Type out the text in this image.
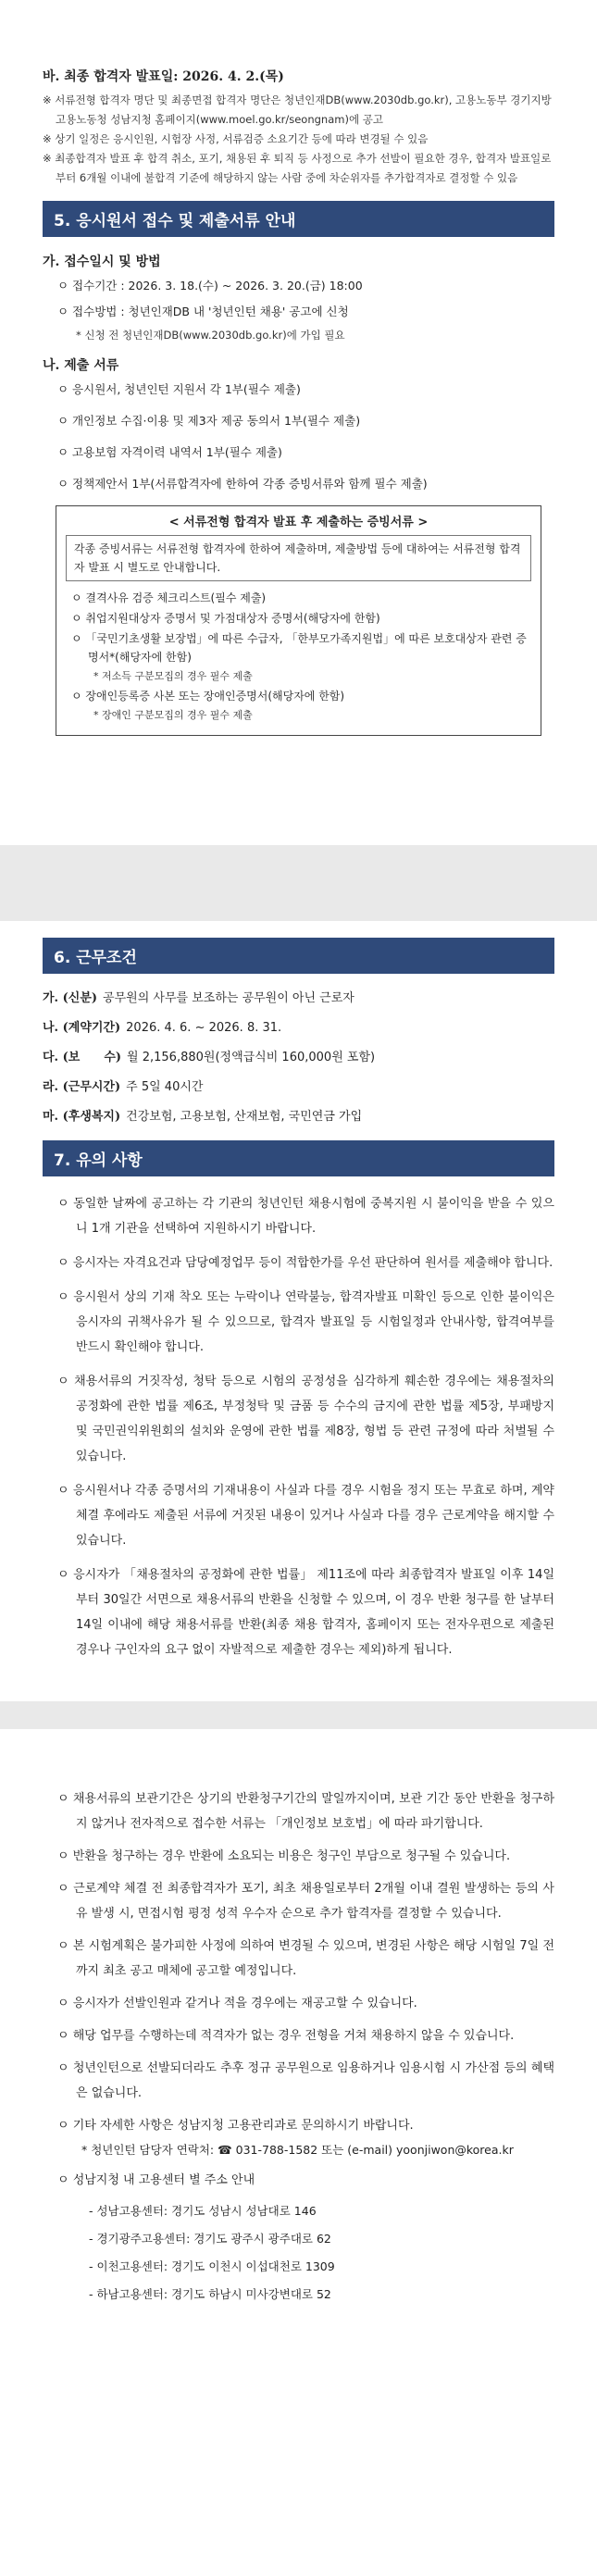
바. 최종 합격자 발표일: 2026. 4. 2.(목)
※ 서류전형 합격자 명단 및 최종면접 합격자 명단은 청년인재DB(www.2030db.go.kr), 고용노동부 경기지방고용노동청 성남지청 홈페이지(www.moel.go.kr/seongnam)에 공고
※ 상기 일정은 응시인원, 시험장 사정, 서류검증 소요기간 등에 따라 변경될 수 있음
※ 최종합격자 발표 후 합격 취소, 포기, 채용된 후 퇴직 등 사정으로 추가 선발이 필요한 경우, 합격자 발표일로부터 6개월 이내에 불합격 기준에 해당하지 않는 사람 중에 차순위자를 추가합격자로 결정할 수 있음
5. 응시원서 접수 및 제출서류 안내
가. 접수일시 및 방법
ㅇ 접수기간 : 2026. 3. 18.(수) ~ 2026. 3. 20.(금) 18:00
ㅇ 접수방법 : 청년인재DB 내 '청년인턴 채용' 공고에 신청
* 신청 전 청년인재DB(www.2030db.go.kr)에 가입 필요
나. 제출 서류
ㅇ 응시원서, 청년인턴 지원서 각 1부(필수 제출)
ㅇ 개인정보 수집·이용 및 제3자 제공 동의서 1부(필수 제출)
ㅇ 고용보험 자격이력 내역서 1부(필수 제출)
ㅇ 정책제안서 1부(서류합격자에 한하여 각종 증빙서류와 함께 필수 제출)
< 서류전형 합격자 발표 후 제출하는 증빙서류 >
각종 증빙서류는 서류전형 합격자에 한하여 제출하며, 제출방법 등에 대하여는 서류전형 합격자 발표 시 별도로 안내합니다.
ㅇ 결격사유 검증 체크리스트(필수 제출)
ㅇ 취업지원대상자 증명서 및 가점대상자 증명서(해당자에 한함)
ㅇ 「국민기초생활 보장법」에 따른 수급자, 「한부모가족지원법」에 따른 보호대상자 관련 증명서*(해당자에 한함)
* 저소득 구분모집의 경우 필수 제출
ㅇ 장애인등록증 사본 또는 장애인증명서(해당자에 한함)
* 장애인 구분모집의 경우 필수 제출
6. 근무조건
가. (신분) 공무원의 사무를 보조하는 공무원이 아닌 근로자
나. (계약기간) 2026. 4. 6. ~ 2026. 8. 31.
다. (보　　수) 월 2,156,880원(정액급식비 160,000원 포함)
라. (근무시간) 주 5일 40시간
마. (후생복지) 건강보험, 고용보험, 산재보험, 국민연금 가입
7. 유의 사항
ㅇ 동일한 날짜에 공고하는 각 기관의 청년인턴 채용시험에 중복지원 시 불이익을 받을 수 있으니 1개 기관을 선택하여 지원하시기 바랍니다.
ㅇ 응시자는 자격요건과 담당예정업무 등이 적합한가를 우선 판단하여 원서를 제출해야 합니다.
ㅇ 응시원서 상의 기재 착오 또는 누락이나 연락불능, 합격자발표 미확인 등으로 인한 불이익은 응시자의 귀책사유가 될 수 있으므로, 합격자 발표일 등 시험일정과 안내사항, 합격여부를 반드시 확인해야 합니다.
ㅇ 채용서류의 거짓작성, 청탁 등으로 시험의 공정성을 심각하게 훼손한 경우에는 채용절차의 공정화에 관한 법률 제6조, 부정청탁 및 금품 등 수수의 금지에 관한 법률 제5장, 부패방지 및 국민권익위원회의 설치와 운영에 관한 법률 제8장, 형법 등 관련 규정에 따라 처벌될 수 있습니다.
ㅇ 응시원서나 각종 증명서의 기재내용이 사실과 다를 경우 시험을 정지 또는 무효로 하며, 계약체결 후에라도 제출된 서류에 거짓된 내용이 있거나 사실과 다를 경우 근로계약을 해지할 수 있습니다.
ㅇ 응시자가 「채용절차의 공정화에 관한 법률」 제11조에 따라 최종합격자 발표일 이후 14일부터 30일간 서면으로 채용서류의 반환을 신청할 수 있으며, 이 경우 반환 청구를 한 날부터 14일 이내에 해당 채용서류를 반환(최종 채용 합격자, 홈페이지 또는 전자우편으로 제출된 경우나 구인자의 요구 없이 자발적으로 제출한 경우는 제외)하게 됩니다.
ㅇ 채용서류의 보관기간은 상기의 반환청구기간의 말일까지이며, 보관 기간 동안 반환을 청구하지 않거나 전자적으로 접수한 서류는 「개인정보 보호법」에 따라 파기합니다.
ㅇ 반환을 청구하는 경우 반환에 소요되는 비용은 청구인 부담으로 청구될 수 있습니다.
ㅇ 근로계약 체결 전 최종합격자가 포기, 최초 채용일로부터 2개월 이내 결원 발생하는 등의 사유 발생 시, 면접시험 평정 성적 우수자 순으로 추가 합격자를 결정할 수 있습니다.
ㅇ 본 시험계획은 불가피한 사정에 의하여 변경될 수 있으며, 변경된 사항은 해당 시험일 7일 전까지 최초 공고 매체에 공고할 예정입니다.
ㅇ 응시자가 선발인원과 같거나 적을 경우에는 재공고할 수 있습니다.
ㅇ 해당 업무를 수행하는데 적격자가 없는 경우 전형을 거쳐 채용하지 않을 수 있습니다.
ㅇ 청년인턴으로 선발되더라도 추후 정규 공무원으로 임용하거나 임용시험 시 가산점 등의 혜택은 없습니다.
ㅇ 기타 자세한 사항은 성남지청 고용관리과로 문의하시기 바랍니다.
* 청년인턴 담당자 연락처: ☎ 031-788-1582 또는 (e-mail) yoonjiwon@korea.kr
ㅇ 성남지청 내 고용센터 별 주소 안내
- 성남고용센터: 경기도 성남시 성남대로 146
- 경기광주고용센터: 경기도 광주시 광주대로 62
- 이천고용센터: 경기도 이천시 이섭대천로 1309
- 하남고용센터: 경기도 하남시 미사강변대로 52
